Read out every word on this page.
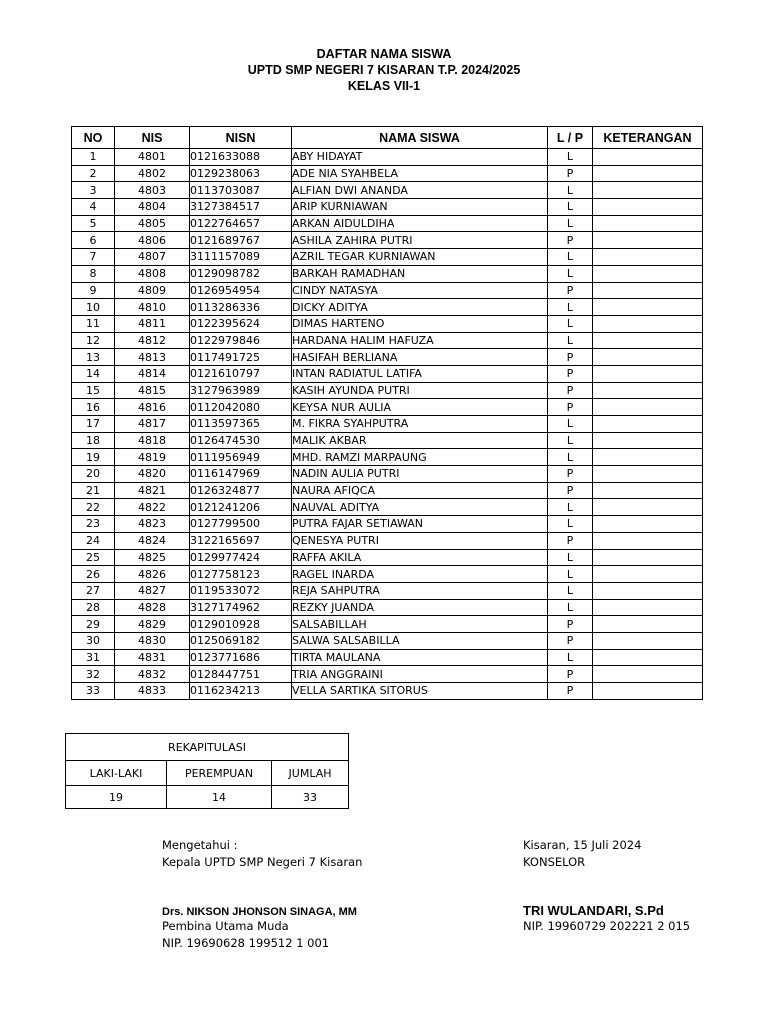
DAFTAR NAMA SISWA
UPTD SMP NEGERI 7 KISARAN T.P. 2024/2025
KELAS VII-1
NO	NIS	NISN	NAMA SISWA	L / P	KETERANGAN
1	4801	0121633088	ABY HIDAYAT	L	
2	4802	0129238063	ADE NIA SYAHBELA	P	
3	4803	0113703087	ALFIAN DWI ANANDA	L	
4	4804	3127384517	ARIP KURNIAWAN	L	
5	4805	0122764657	ARKAN AIDULDIHA	L	
6	4806	0121689767	ASHILA ZAHIRA PUTRI	P	
7	4807	3111157089	AZRIL TEGAR KURNIAWAN	L	
8	4808	0129098782	BARKAH RAMADHAN	L	
9	4809	0126954954	CINDY NATASYA	P	
10	4810	0113286336	DICKY ADITYA	L	
11	4811	0122395624	DIMAS HARTENO	L	
12	4812	0122979846	HARDANA HALIM HAFUZA	L	
13	4813	0117491725	HASIFAH BERLIANA	P	
14	4814	0121610797	INTAN RADIATUL LATIFA	P	
15	4815	3127963989	KASIH AYUNDA PUTRI	P	
16	4816	0112042080	KEYSA NUR AULIA	P	
17	4817	0113597365	M. FIKRA SYAHPUTRA	L	
18	4818	0126474530	MALIK AKBAR	L	
19	4819	0111956949	MHD. RAMZI MARPAUNG	L	
20	4820	0116147969	NADIN AULIA PUTRI	P	
21	4821	0126324877	NAURA AFIQCA	P	
22	4822	0121241206	NAUVAL ADITYA	L	
23	4823	0127799500	PUTRA FAJAR SETIAWAN	L	
24	4824	3122165697	QENESYA PUTRI	P	
25	4825	0129977424	RAFFA AKILA	L	
26	4826	0127758123	RAGEL INARDA	L	
27	4827	0119533072	REJA SAHPUTRA	L	
28	4828	3127174962	REZKY JUANDA	L	
29	4829	0129010928	SALSABILLAH	P	
30	4830	0125069182	SALWA SALSABILLA	P	
31	4831	0123771686	TIRTA MAULANA	L	
32	4832	0128447751	TRIA ANGGRAINI	P	
33	4833	0116234213	VELLA SARTIKA SITORUS	P	
REKAPITULASI		
LAKI-LAKI	PEREMPUAN	JUMLAH
19	14	33
Mengetahui :
Kepala UPTD SMP Negeri 7 Kisaran
Drs. NIKSON JHONSON SINAGA, MM
Pembina Utama Muda
NIP. 19690628 199512 1 001
Kisaran, 15 Juli 2024
KONSELOR
TRI WULANDARI, S.Pd
NIP. 19960729 202221 2 015
